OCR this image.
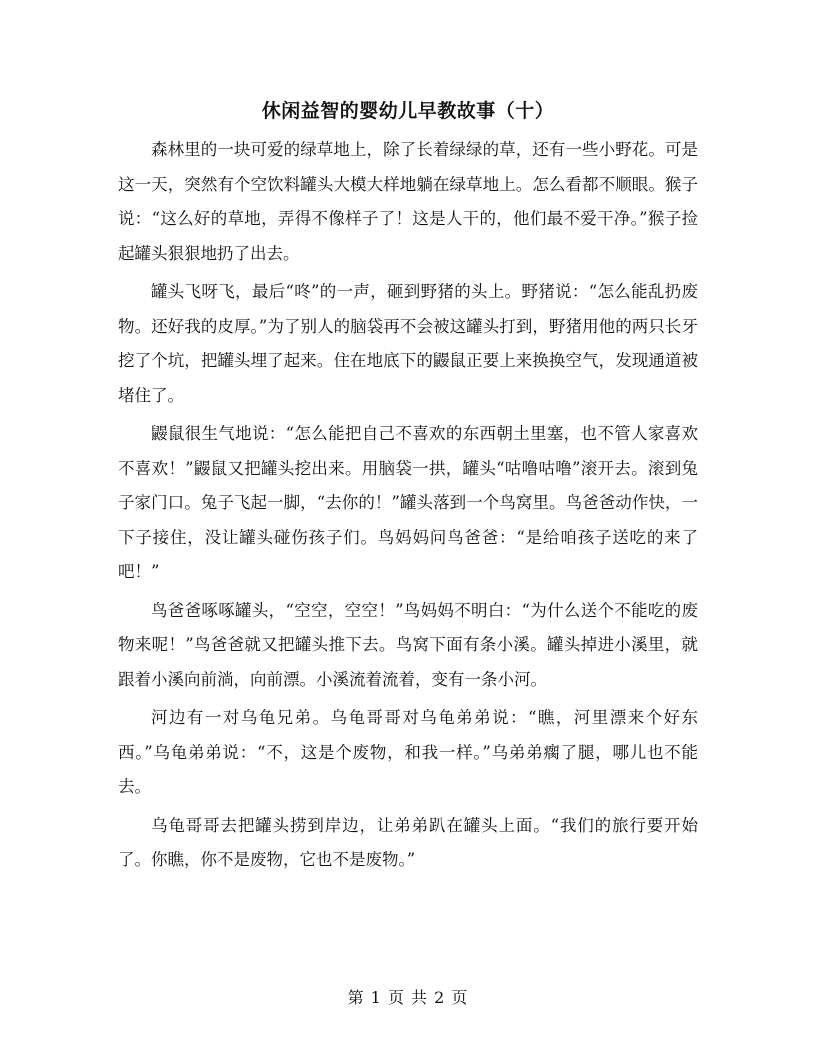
休闲益智的婴幼儿早教故事（十）

森林里的一块可爱的绿草地上，除了长着绿绿的草，还有一些小野花。可是这一天，突然有个空饮料罐头大模大样地躺在绿草地上。怎么看都不顺眼。猴子说：“这么好的草地，弄得不像样子了！这是人干的，他们最不爱干净。”猴子捡起罐头狠狠地扔了出去。

罐头飞呀飞，最后“咚”的一声，砸到野猪的头上。野猪说：“怎么能乱扔废物。还好我的皮厚。”为了别人的脑袋再不会被这罐头打到，野猪用他的两只长牙挖了个坑，把罐头埋了起来。住在地底下的鼹鼠正要上来换换空气，发现通道被堵住了。

鼹鼠很生气地说：“怎么能把自己不喜欢的东西朝土里塞，也不管人家喜欢不喜欢！”鼹鼠又把罐头挖出来。用脑袋一拱，罐头“咕噜咕噜”滚开去。滚到兔子家门口。兔子飞起一脚，“去你的！”罐头落到一个鸟窝里。鸟爸爸动作快，一下子接住，没让罐头碰伤孩子们。鸟妈妈问鸟爸爸：“是给咱孩子送吃的来了吧！”

鸟爸爸啄啄罐头，“空空，空空！”鸟妈妈不明白：“为什么送个不能吃的废物来呢！”鸟爸爸就又把罐头推下去。鸟窝下面有条小溪。罐头掉进小溪里，就跟着小溪向前淌，向前漂。小溪流着流着，变有一条小河。

河边有一对乌龟兄弟。乌龟哥哥对乌龟弟弟说：“瞧，河里漂来个好东西。”乌龟弟弟说：“不，这是个废物，和我一样。”乌弟弟瘸了腿，哪儿也不能去。

乌龟哥哥去把罐头捞到岸边，让弟弟趴在罐头上面。“我们的旅行要开始了。你瞧，你不是废物，它也不是废物。”

第 1 页 共 2 页
